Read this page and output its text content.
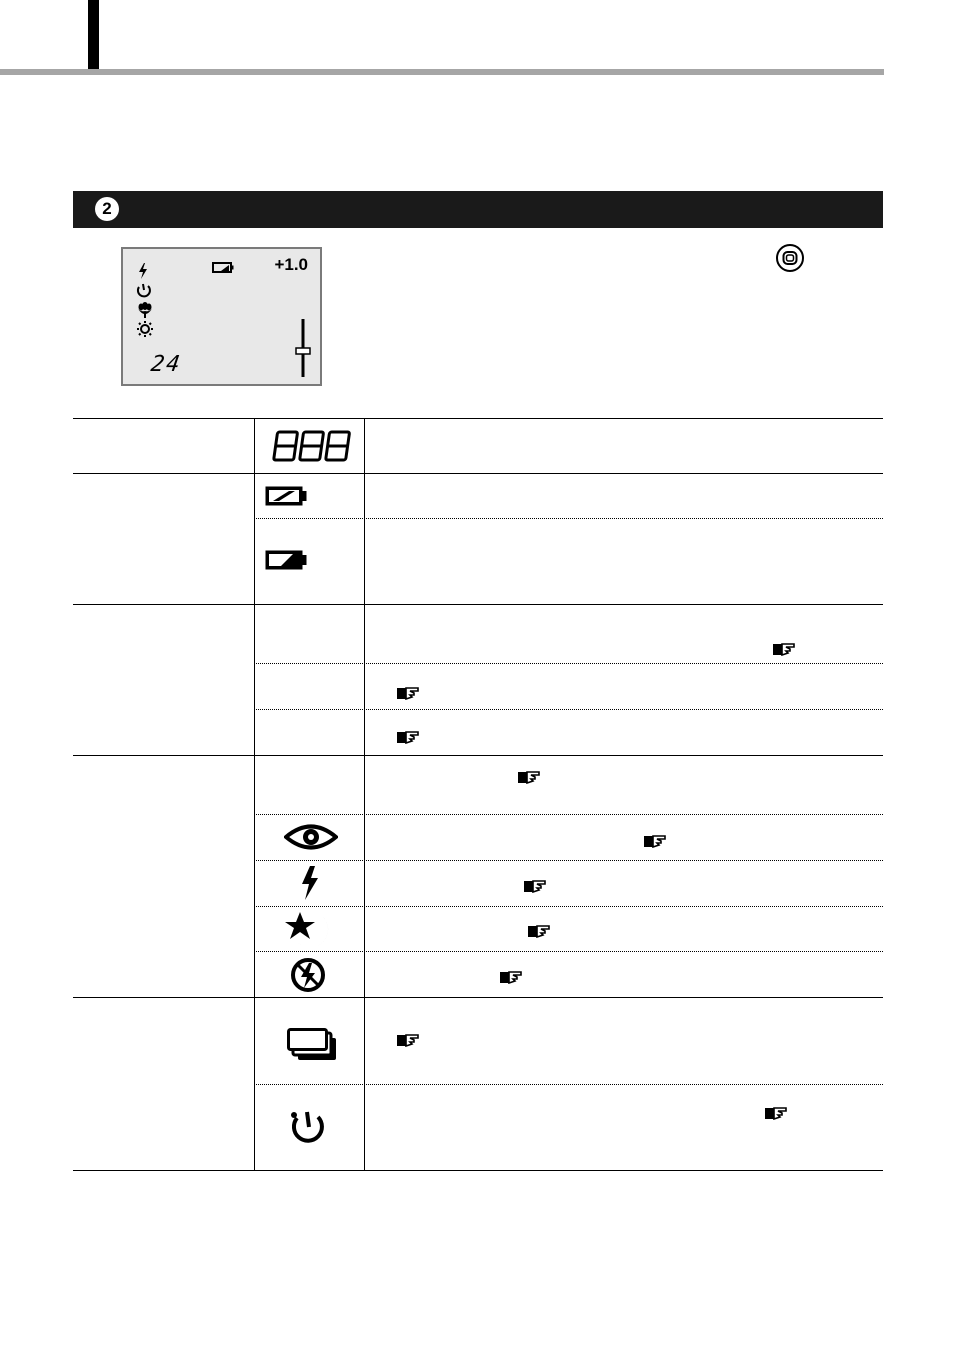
2
+1.0
24
